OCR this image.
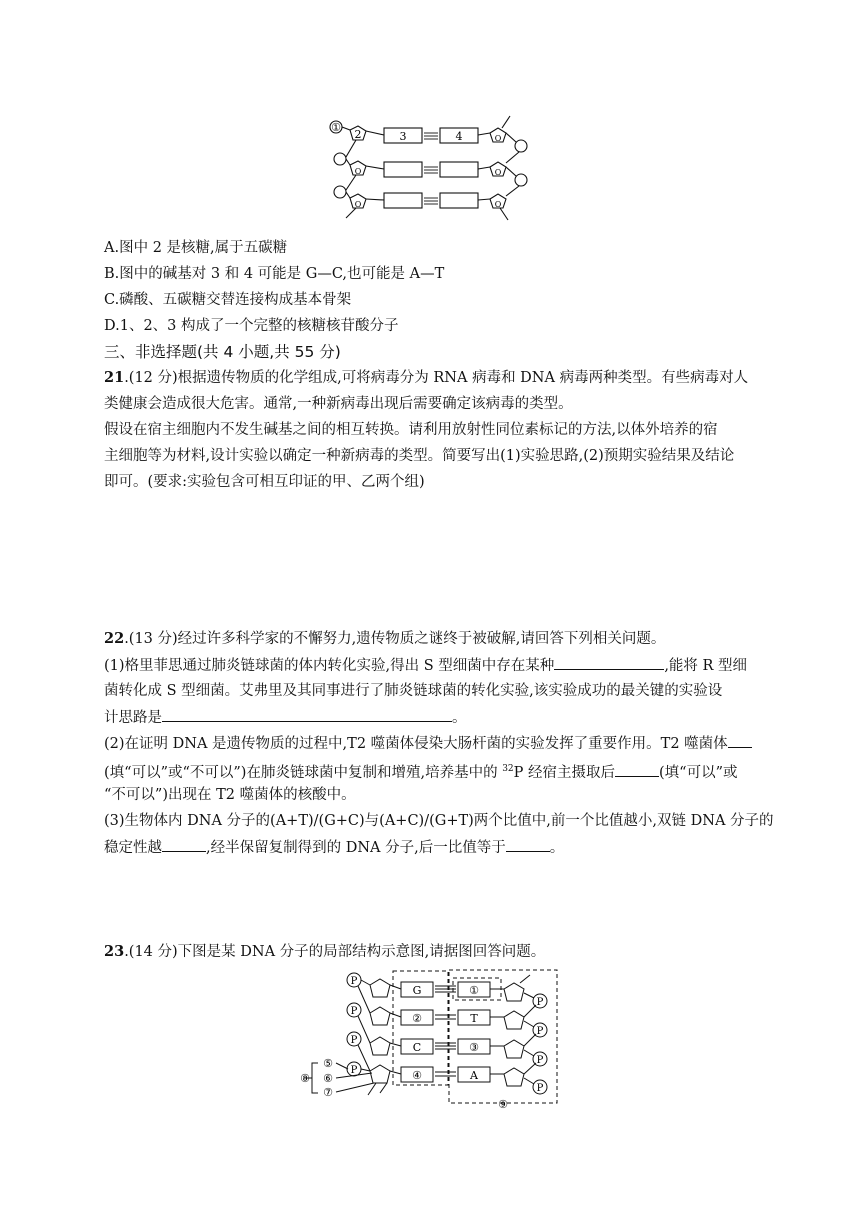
①
2	3	4	O
O
O
O
O
A.图中 2 是核糖,属于五碳糖
B.图中的碱基对 3 和 4 可能是 G—C,也可能是 A—T
C.磷酸、五碳糖交替连接构成基本骨架
D.1、2、3 构成了一个完整的核糖核苷酸分子
三、非选择题(共 4 小题,共 55 分)
21.(12 分)根据遗传物质的化学组成,可将病毒分为 RNA 病毒和 DNA 病毒两种类型。有些病毒对人
类健康会造成很大危害。通常,一种新病毒出现后需要确定该病毒的类型。
假设在宿主细胞内不发生碱基之间的相互转换。请利用放射性同位素标记的方法,以体外培养的宿
主细胞等为材料,设计实验以确定一种新病毒的类型。简要写出(1)实验思路,(2)预期实验结果及结论
即可。(要求:实验包含可相互印证的甲、乙两个组)
22.(13 分)经过许多科学家的不懈努力,遗传物质之谜终于被破解,请回答下列相关问题。
(1)格里菲思通过肺炎链球菌的体内转化实验,得出 S 型细菌中存在某种	,能将 R 型细
菌转化成 S 型细菌。艾弗里及其同事进行了肺炎链球菌的转化实验,该实验成功的最关键的实验设
计思路是	。
(2)在证明 DNA 是遗传物质的过程中,T2 噬菌体侵染大肠杆菌的实验发挥了重要作用。T2 噬菌体
(填“可以”或“不可以”)在肺炎链球菌中复制和增殖,培养基中的 $^{32}$P 经宿主摄取后	(填“可以”或
“不可以”)出现在 T2 噬菌体的核酸中。
(3)生物体内 DNA 分子的(A+T)/(G+C)与(A+C)/(G+T)两个比值中,前一个比值越小,双链 DNA 分子的
稳定性越	,经半保留复制得到的 DNA 分子,后一比值等于	。
23.(14 分)下图是某 DNA 分子的局部结构示意图,请据图回答问题。
P
P
P
P
P
P
P
P
G
②
C
④
①
T
③
A
⑤
⑥
⑦
⑧
⑨
